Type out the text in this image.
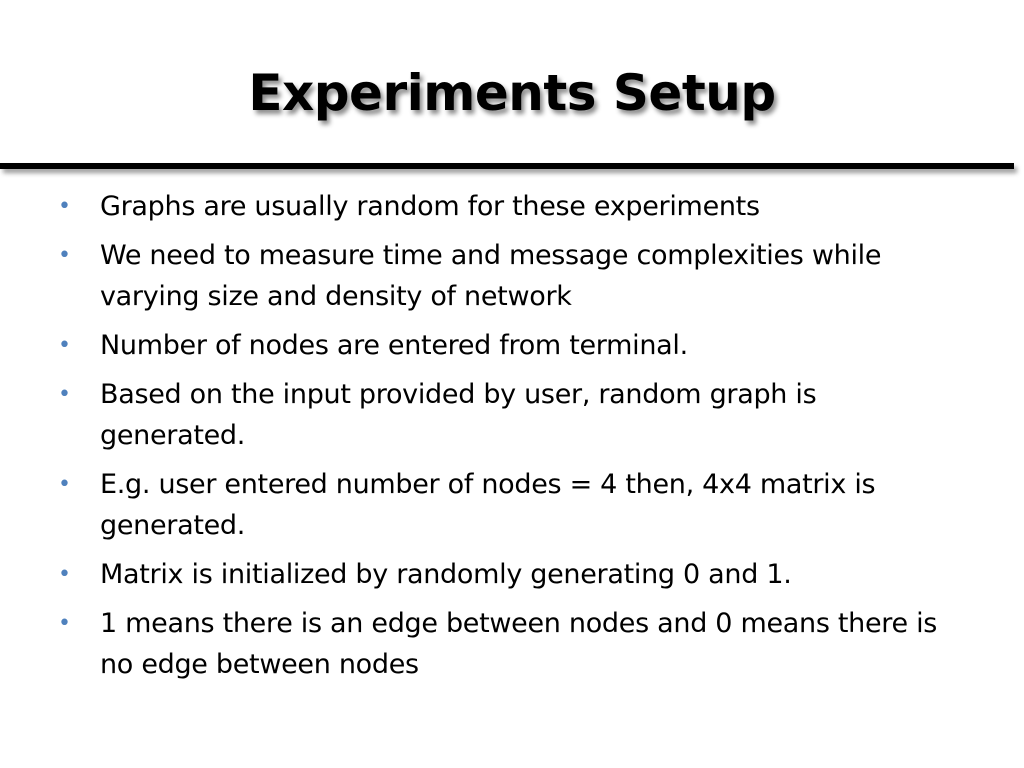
Experiments Setup
• Graphs are usually random for these experiments
• We need to measure time and message complexities while varying size and density of network
• Number of nodes are entered from terminal.
• Based on the input provided by user, random graph is generated.
• E.g. user entered number of nodes = 4 then, 4x4 matrix is generated.
• Matrix is initialized by randomly generating 0 and 1.
• 1 means there is an edge between nodes and 0 means there is no edge between nodes
